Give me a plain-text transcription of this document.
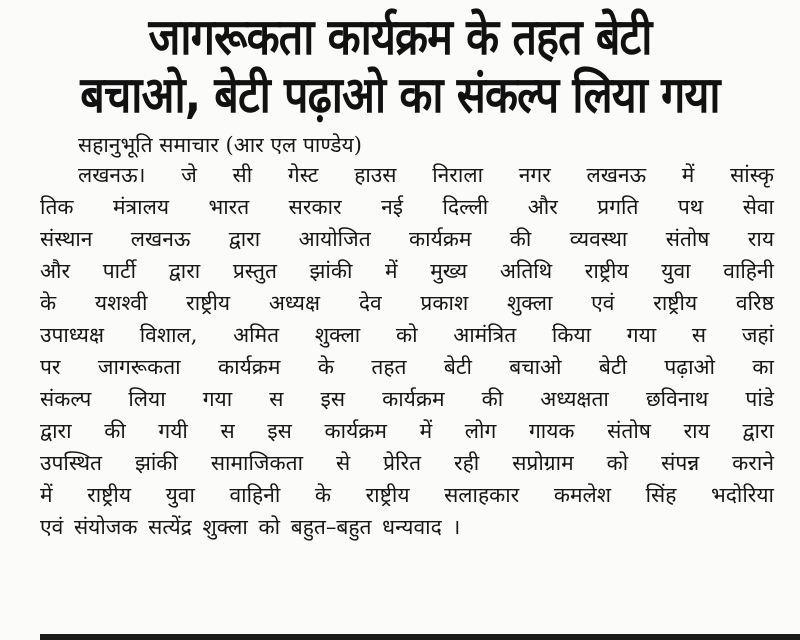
जागरूकता कार्यक्रम के तहत बेटी
बचाओ, बेटी पढ़ाओ का संकल्प लिया गया
सहानुभूति समाचार (आर एल पाण्डेय)
लखनऊ। जे सी गेस्ट हाउस निराला नगर लखनऊ में सांस्कृ
तिक मंत्रालय भारत सरकार नई दिल्ली और प्रगति पथ सेवा
संस्थान लखनऊ द्वारा आयोजित कार्यक्रम की व्यवस्था संतोष राय
और पार्टी द्वारा प्रस्तुत झांकी में मुख्य अतिथि राष्ट्रीय युवा वाहिनी
के यशश्वी राष्ट्रीय अध्यक्ष देव प्रकाश शुक्ला एवं राष्ट्रीय वरिष्ठ
उपाध्यक्ष विशाल, अमित शुक्ला को आमंत्रित किया गया स जहां
पर जागरूकता कार्यक्रम के तहत बेटी बचाओ बेटी पढ़ाओ का
संकल्प लिया गया स इस कार्यक्रम की अध्यक्षता छविनाथ पांडे
द्वारा की गयी स इस कार्यक्रम में लोग गायक संतोष राय द्वारा
उपस्थित झांकी सामाजिकता से प्रेरित रही सप्रोग्राम को संपन्न कराने
में राष्ट्रीय युवा वाहिनी के राष्ट्रीय सलाहकार कमलेश सिंह भदोरिया
एवं संयोजक सत्येंद्र शुक्ला को बहुत–बहुत धन्यवाद ।
